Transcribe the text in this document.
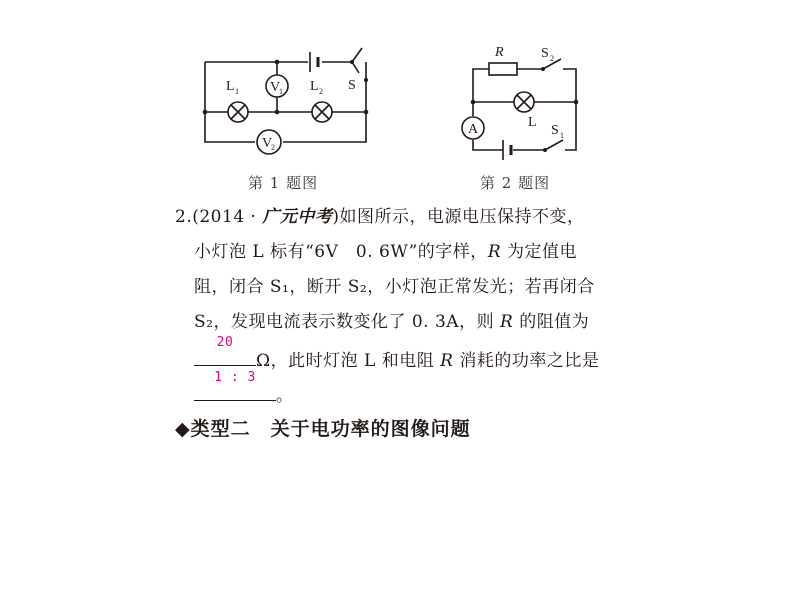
L 1 V
1 L 2 S
V
2
第 1 题图
R	S 2
L
A	S 1
第 2 题图
2.(2014 · 广元中考)如图所示，电源电压保持不变，
小灯泡 L 标有“6V　0. 6W”的字样，R 为定值电
阻，闭合 S₁，断开 S₂，小灯泡正常发光；若再闭合
S₂，发现电流表示数变化了 0. 3A，则 R 的阻值为
20
Ω，此时灯泡 L 和电阻 R 消耗的功率之比是
1 : 3
。
◆类型二　关于电功率的图像问题
